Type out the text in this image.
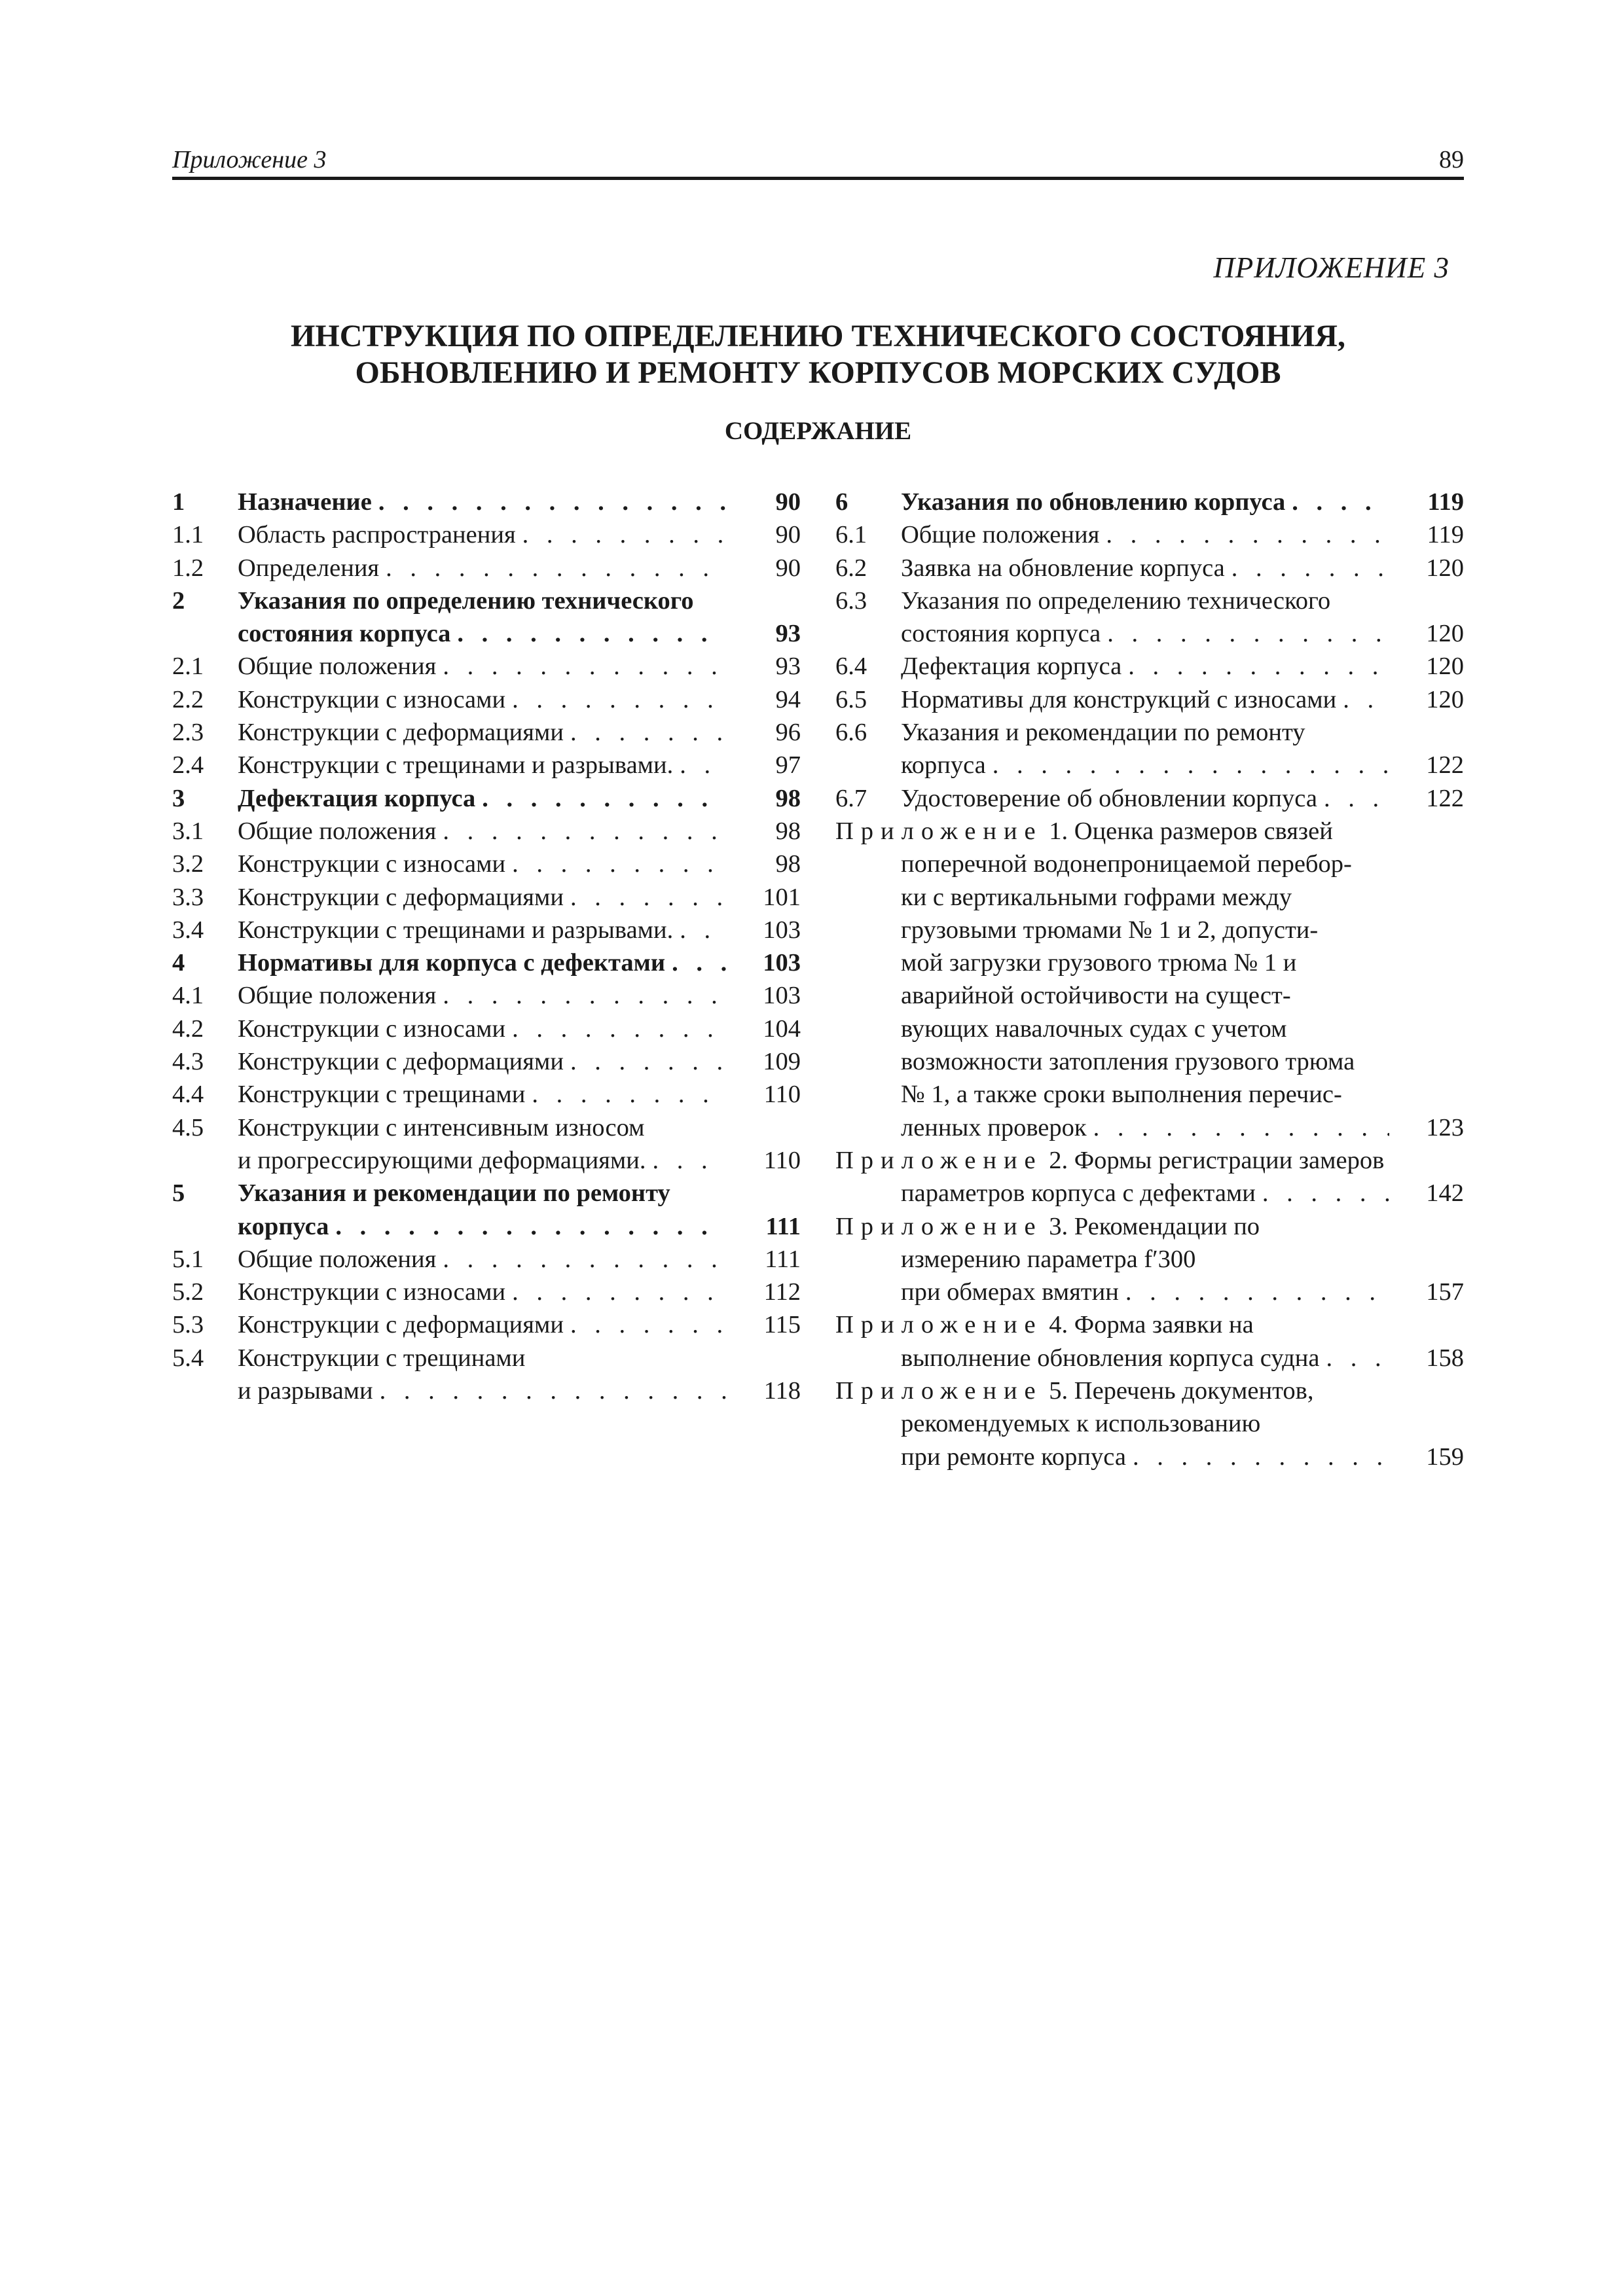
Приложение 3	89
ПРИЛОЖЕНИЕ 3
ИНСТРУКЦИЯ ПО ОПРЕДЕЛЕНИЮ ТЕХНИЧЕСКОГО СОСТОЯНИЯ,
ОБНОВЛЕНИЮ И РЕМОНТУ КОРПУСОВ МОРСКИХ СУДОВ
СОДЕРЖАНИЕ
1	Назначение . . .	90
1.1	Область распространения . . .	90
1.2	Определения . . .	90
2	Указания по определению технического
состояния корпуса . . .	93
2.1	Общие положения . . .	93
2.2	Конструкции с износами . . .	94
2.3	Конструкции с деформациями . . .	96
2.4	Конструкции с трещинами и разрывами. . . .	97
3	Дефектация корпуса . . .	98
3.1	Общие положения . . .	98
3.2	Конструкции с износами . . .	98
3.3	Конструкции с деформациями . . .	101
3.4	Конструкции с трещинами и разрывами. . . .	103
4	Нормативы для корпуса с дефектами . . .	103
4.1	Общие положения . . .	103
4.2	Конструкции с износами . . .	104
4.3	Конструкции с деформациями . . .	109
4.4	Конструкции с трещинами . . .	110
4.5	Конструкции с интенсивным износом
и прогрессирующими деформациями. . . .	110
5	Указания и рекомендации по ремонту
корпуса . . .	111
5.1	Общие положения . . .	111
5.2	Конструкции с износами . . .	112
5.3	Конструкции с деформациями . . .	115
5.4	Конструкции с трещинами
и разрывами . . .	118
6	Указания по обновлению корпуса . . .	119
6.1	Общие положения . . .	119
6.2	Заявка на обновление корпуса . . .	120
6.3	Указания по определению технического
состояния корпуса . . .	120
6.4	Дефектация корпуса . . .	120
6.5	Нормативы для конструкций с износами . . .	120
6.6	Указания и рекомендации по ремонту
корпуса . . .	122
6.7	Удостоверение об обновлении корпуса . . .	122
Приложение 1. Оценка размеров связей
поперечной водонепроницаемой перебор-
ки с вертикальными гофрами между
грузовыми трюмами № 1 и 2, допусти-
мой загрузки грузового трюма № 1 и
аварийной остойчивости на сущест-
вующих навалочных судах с учетом
возможности затопления грузового трюма
№ 1, а также сроки выполнения перечис-
ленных проверок . . .	123
Приложение 2. Формы регистрации замеров
параметров корпуса с дефектами . . .	142
Приложение 3. Рекомендации по
измерению параметра f′300
при обмерах вмятин . . .	157
Приложение 4. Форма заявки на
выполнение обновления корпуса судна . . .	158
Приложение 5. Перечень документов,
рекомендуемых к использованию
при ремонте корпуса . . .	159
